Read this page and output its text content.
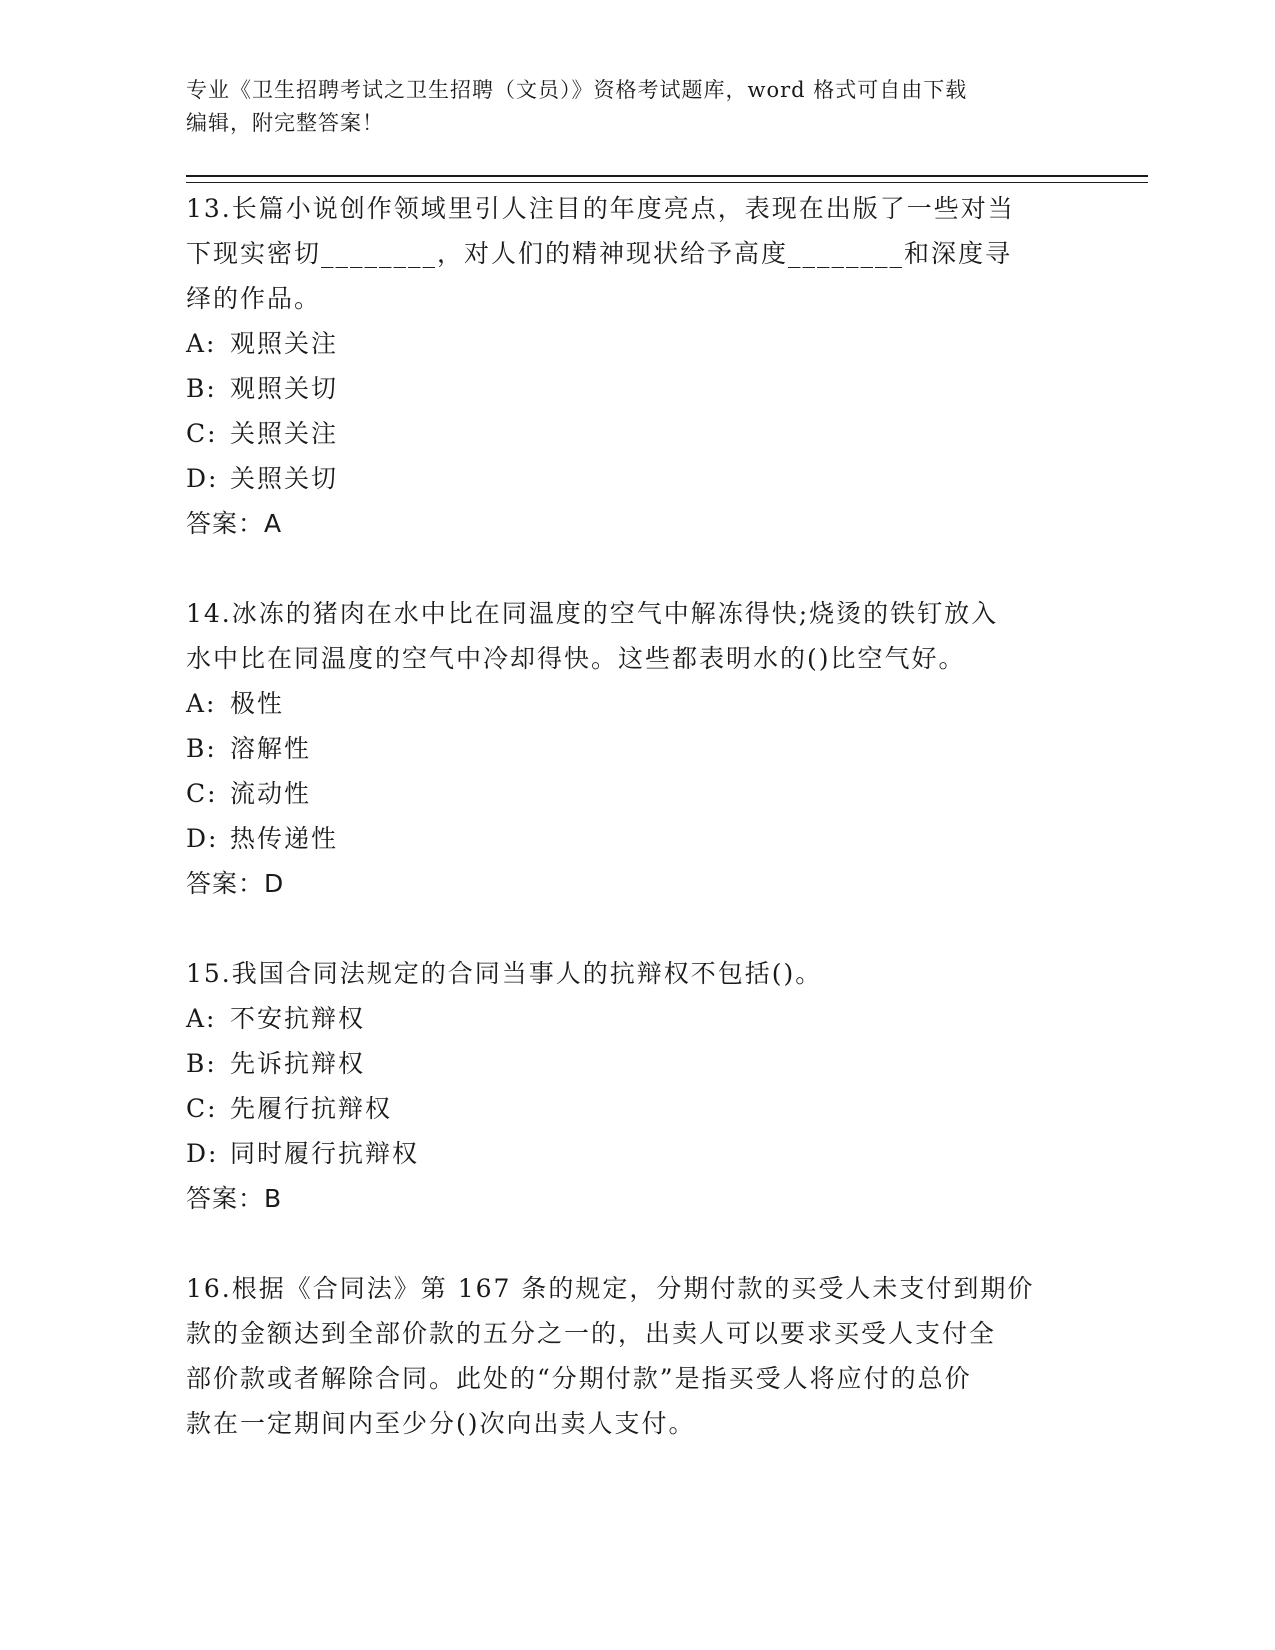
专业《卫生招聘考试之卫生招聘（文员）》资格考试题库，word 格式可自由下载
编辑，附完整答案！
13.长篇小说创作领域里引人注目的年度亮点，表现在出版了一些对当
下现实密切________，对人们的精神现状给予高度________和深度寻
绎的作品。
A: 观照关注
B: 观照关切
C: 关照关注
D: 关照关切
答案：A
14.冰冻的猪肉在水中比在同温度的空气中解冻得快;烧烫的铁钉放入
水中比在同温度的空气中冷却得快。这些都表明水的()比空气好。
A: 极性
B: 溶解性
C: 流动性
D: 热传递性
答案：D
15.我国合同法规定的合同当事人的抗辩权不包括()。
A: 不安抗辩权
B: 先诉抗辩权
C: 先履行抗辩权
D: 同时履行抗辩权
答案：B
16.根据《合同法》第 167 条的规定，分期付款的买受人未支付到期价
款的金额达到全部价款的五分之一的，出卖人可以要求买受人支付全
部价款或者解除合同。此处的“分期付款”是指买受人将应付的总价
款在一定期间内至少分()次向出卖人支付。
